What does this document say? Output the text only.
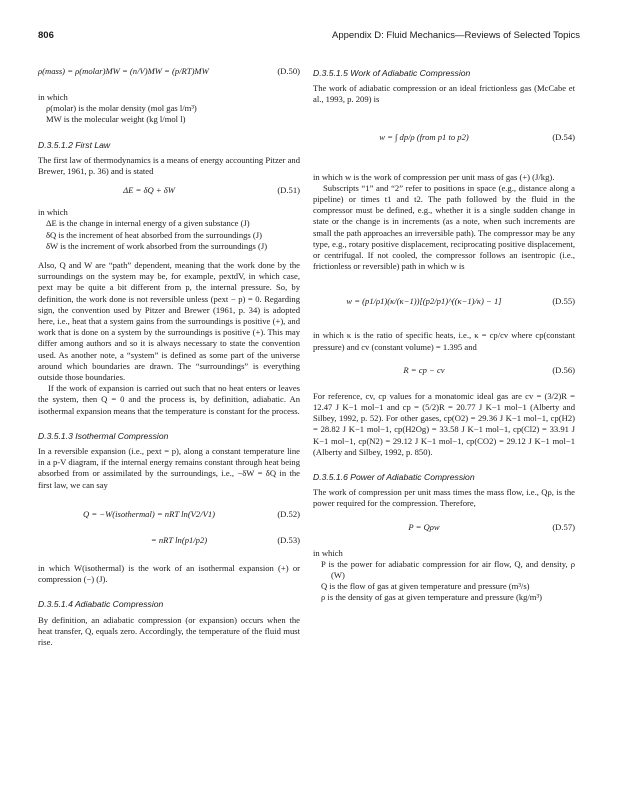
806	Appendix D: Fluid Mechanics—Reviews of Selected Topics
ρ(mass) = ρ(molar)MW = (n/V)MW = (p/RT)MW	(D.50)

in which

ρ(molar) is the molar density (mol gas l/m³)

MW is the molecular weight (kg l/mol l)

D.3.5.1.2 First Law

The first law of thermodynamics is a means of energy accounting Pitzer and Brewer, 1961, p. 36) and is stated

ΔE = δQ + δW	(D.51)

in which

ΔE is the change in internal energy of a given substance (J)

δQ is the increment of heat absorbed from the surroundings (J)

δW is the increment of work absorbed from the surroundings (J)

Also, Q and W are “path” dependent, meaning that the work done by the surroundings on the system may be, for example, pextdV, in which case, pext may be quite a bit different from p, the internal pressure. So, by definition, the work done is not reversible unless (pext − p) = 0. Regarding sign, the convention used by Pitzer and Brewer (1961, p. 34) is adopted here, i.e., heat that a system gains from the surroundings is positive (+), and work that is done on a system by the surroundings is positive (+). This may differ among authors and so it is always necessary to state the convention used. As another note, a “system” is defined as some part of the universe around which boundaries are drawn. The “surroundings” is everything outside those boundaries.

If the work of expansion is carried out such that no heat enters or leaves the system, then Q = 0 and the process is, by definition, adiabatic. An isothermal expansion means that the temperature is constant for the process.

D.3.5.1.3 Isothermal Compression

In a reversible expansion (i.e., pext = p), along a constant temperature line in a p-V diagram, if the internal energy remains constant through heat being absorbed from or assimilated by the surroundings, i.e., −δW = δQ in the first law, we can say

Q = −W(isothermal) = nRT ln(V2/V1)	(D.52)
= nRT ln(p1/p2)	(D.53)

in which W(isothermal) is the work of an isothermal expansion (+) or compression (−) (J).

D.3.5.1.4 Adiabatic Compression

By definition, an adiabatic compression (or expansion) occurs when the heat transfer, Q, equals zero. Accordingly, the temperature of the fluid must rise.

D.3.5.1.5 Work of Adiabatic Compression

The work of adiabatic compression or an ideal frictionless gas (McCabe et al., 1993, p. 209) is

w = ∫ dp/ρ (from p1 to p2)	(D.54)

in which w is the work of compression per unit mass of gas (+) (J/kg).

Subscripts “1” and “2” refer to positions in space (e.g., distance along a pipeline) or times t1 and t2. The path followed by the fluid in the compressor must be defined, e.g., whether it is a single sudden change in state or the change is in increments (as a note, when such increments are small the path approaches an irreversible path). The compressor may be any type, e.g., rotary positive displacement, reciprocating positive displacement, or centrifugal. If not cooled, the compressor follows an isentropic (i.e., frictionless or reversible) path in which w is

w = (p1/ρ1)(κ/(κ−1))[(p2/p1)^((κ−1)/κ) − 1]	(D.55)

in which κ is the ratio of specific heats, i.e., κ = cp/cv where cp(constant pressure) and cv (constant volume) = 1.395 and

R = cp − cv	(D.56)

For reference, cv, cp values for a monatomic ideal gas are cv = (3/2)R = 12.47 J K−1 mol−1 and cp = (5/2)R = 20.77 J K−1 mol−1 (Alberty and Silbey, 1992, p. 52). For other gases, cp(O2) = 29.36 J K−1 mol−1, cp(H2) = 28.82 J K−1 mol−1, cp(H2Og) = 33.58 J K−1 mol−1, cp(Cl2) = 33.91 J K−1 mol−1, cp(N2) = 29.12 J K−1 mol−1, cp(CO2) = 29.12 J K−1 mol−1 (Alberty and Silbey, 1992, p. 850).

D.3.5.1.6 Power of Adiabatic Compression

The work of compression per unit mass times the mass flow, i.e., Qρ, is the power required for the compression. Therefore,

P = Qρw	(D.57)

in which

P is the power for adiabatic compression for air flow, Q, and density, ρ (W)

Q is the flow of gas at given temperature and pressure (m³/s)

ρ is the density of gas at given temperature and pressure (kg/m³)
